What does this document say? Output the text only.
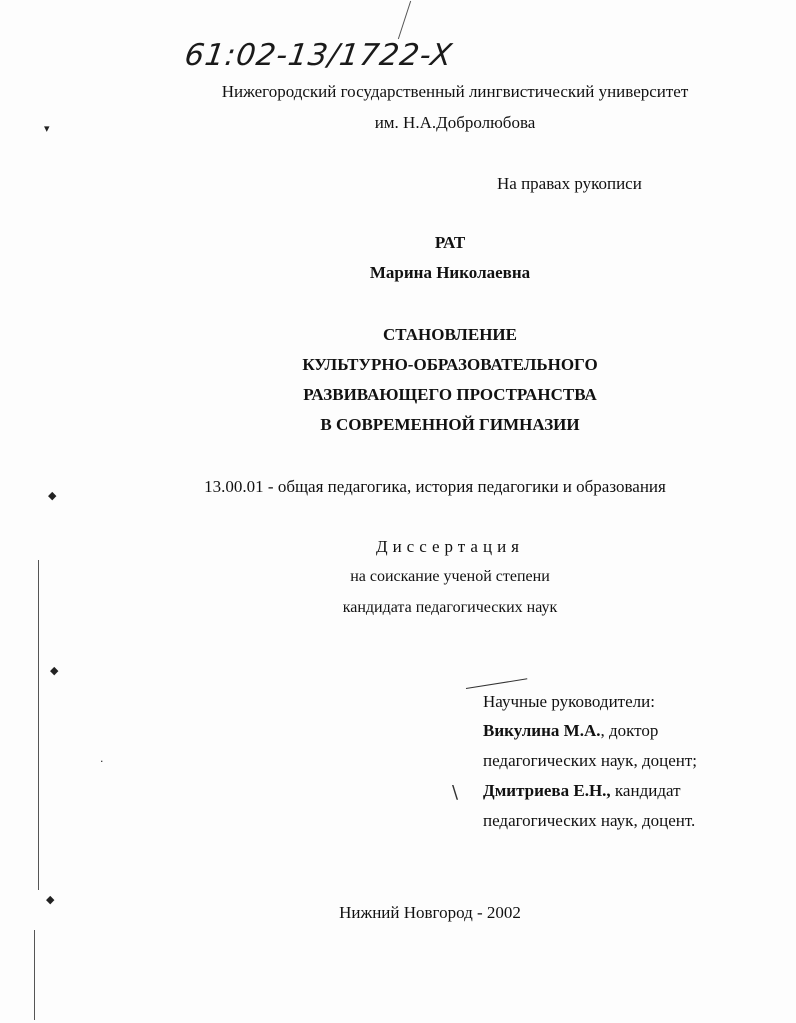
▾
◆
◆
◆
·
\
61:02-13/1722-X
Нижегородский государственный лингвистический университет
им. Н.А.Добролюбова
На правах рукописи
РАТ
Марина Николаевна
СТАНОВЛЕНИЕ
КУЛЬТУРНО-ОБРАЗОВАТЕЛЬНОГО
РАЗВИВАЮЩЕГО ПРОСТРАНСТВА
В СОВРЕМЕННОЙ ГИМНАЗИИ
13.00.01 - общая педагогика, история педагогики и образования
Диссертация
на соискание ученой степени
кандидата педагогических наук
Научные руководители:
Викулина М.А., доктор
педагогических наук, доцент;
Дмитриева Е.Н., кандидат
педагогических наук, доцент.
Нижний Новгород - 2002
